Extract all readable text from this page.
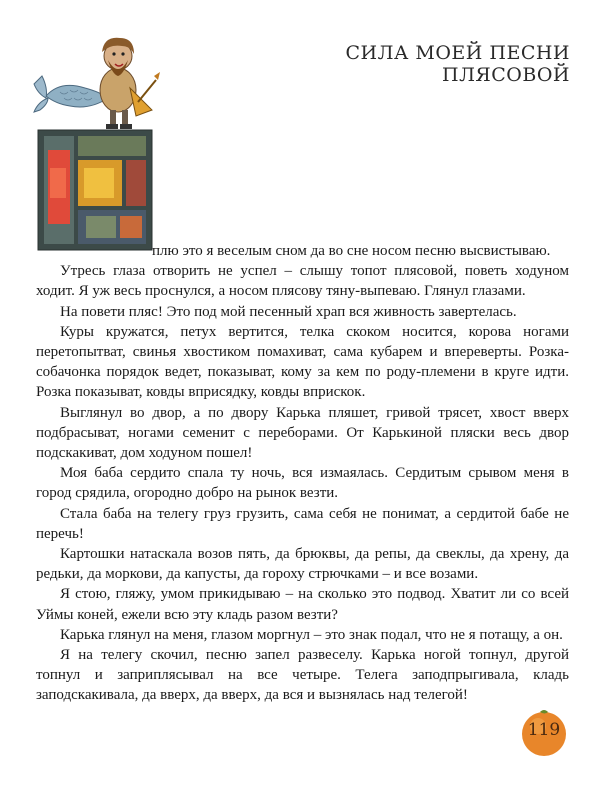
СИЛА МОЕЙ ПЕСНИ ПЛЯСОВОЙ

плю это я веселым сном да во сне носом песню высвистываю.

Утресь глаза отворить не успел – слышу топот плясовой, поветь ходуном ходит. Я уж весь проснулся, а носом плясову тяну-выпеваю. Глянул глазами.

На повети пляс! Это под мой песенный храп вся живность завертелась.

Куры кружатся, петух вертится, телка скоком носится, корова ногами перетопытват, свинья хвостиком помахиват, сама кубарем и впереверты. Розка-собачонка порядок ведет, показыват, кому за кем по роду-племени в круге идти. Розка показыват, ковды вприсядку, ковды вприскок.

Выглянул во двор, а по двору Карька пляшет, гривой трясет, хвост вверх подбрасыват, ногами семенит с переборами. От Карькиной пляски весь двор подскакиват, дом ходуном пошел!

Моя баба сердито спала ту ночь, вся измаялась. Сердитым срывом меня в город срядила, огородно добро на рынок везти.

Стала баба на телегу груз грузить, сама себя не понимат, а сердитой бабе не перечь!

Картошки натаскала возов пять, да брюквы, да репы, да свеклы, да хрену, да редьки, да моркови, да капусты, да гороху стрючками – и все возами.

Я стою, гляжу, умом прикидываю – на сколько это подвод. Хватит ли со всей Уймы коней, ежели всю эту кладь разом везти?

Карька глянул на меня, глазом моргнул – это знак подал, что не я потащу, а он.

Я на телегу скочил, песню запел развеселу. Карька ногой топнул, другой топнул и заприплясывал на все четыре. Телега заподпрыгивала, кладь заподскакивала, да вверх, да вверх, да вся и вызнялась над телегой!

119
